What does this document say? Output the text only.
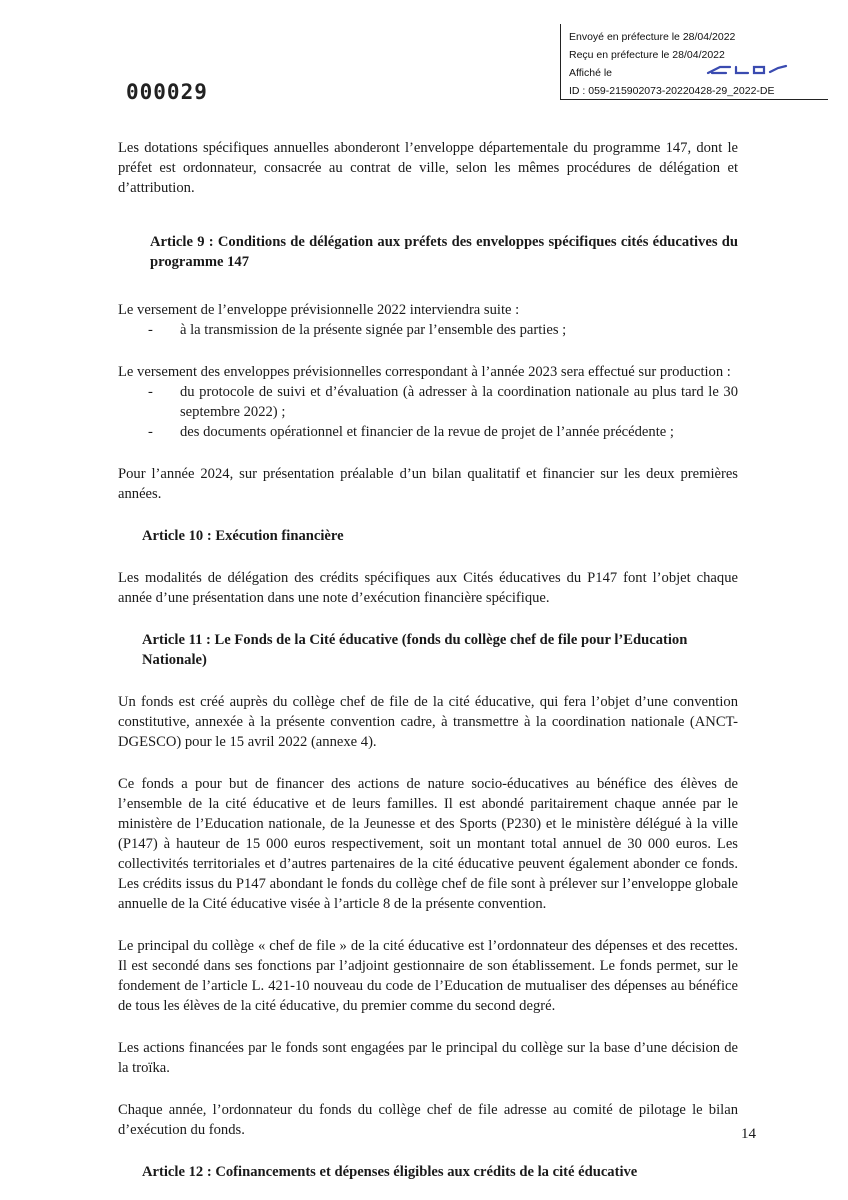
Envoyé en préfecture le 28/04/2022
Reçu en préfecture le 28/04/2022
Affiché le
ID : 059-215902073-20220428-29_2022-DE
000029

Les dotations spécifiques annuelles abonderont l’enveloppe départementale du programme 147, dont le préfet est ordonnateur, consacrée au contrat de ville, selon les mêmes procédures de délégation et d’attribution.

Article 9 : Conditions de délégation aux préfets des enveloppes spécifiques cités éducatives du programme 147

Le versement de l’enveloppe prévisionnelle 2022 interviendra suite :

- à la transmission de la présente signée par l’ensemble des parties ;

Le versement des enveloppes prévisionnelles correspondant à l’année 2023 sera effectué sur production :

- du protocole de suivi et d’évaluation (à adresser à la coordination nationale au plus tard le 30 septembre 2022) ;
- des documents opérationnel et financier de la revue de projet de l’année précédente ;

Pour l’année 2024, sur présentation préalable d’un bilan qualitatif et financier sur les deux premières années.

Article 10 : Exécution financière

Les modalités de délégation des crédits spécifiques aux Cités éducatives du P147 font l’objet chaque année d’une présentation dans une note d’exécution financière spécifique.

Article 11 : Le Fonds de la Cité éducative (fonds du collège chef de file pour l’Education Nationale)

Un fonds est créé auprès du collège chef de file de la cité éducative, qui fera l’objet d’une convention constitutive, annexée à la présente convention cadre, à transmettre à la coordination nationale (ANCT-DGESCO) pour le 15 avril 2022 (annexe 4).

Ce fonds a pour but de financer des actions de nature socio-éducatives au bénéfice des élèves de l’ensemble de la cité éducative et de leurs familles. Il est abondé paritairement chaque année par le ministère de l’Education nationale, de la Jeunesse et des Sports (P230) et le ministère délégué à la ville (P147) à hauteur de 15 000 euros respectivement, soit un montant total annuel de 30 000 euros. Les collectivités territoriales et d’autres partenaires de la cité éducative peuvent également abonder ce fonds. Les crédits issus du P147 abondant le fonds du collège chef de file sont à prélever sur l’enveloppe globale annuelle de la Cité éducative visée à l’article 8 de la présente convention.

Le principal du collège « chef de file » de la cité éducative est l’ordonnateur des dépenses et des recettes. Il est secondé dans ses fonctions par l’adjoint gestionnaire de son établissement. Le fonds permet, sur le fondement de l’article L. 421-10 nouveau du code de l’Education de mutualiser des dépenses au bénéfice de tous les élèves de la cité éducative, du premier comme du second degré.

Les actions financées par le fonds sont engagées par le principal du collège sur la base d’une décision de la troïka.

Chaque année, l’ordonnateur du fonds du collège chef de file adresse au comité de pilotage le bilan d’exécution du fonds.

Article 12 : Cofinancements et dépenses éligibles aux crédits de la cité éducative

14
